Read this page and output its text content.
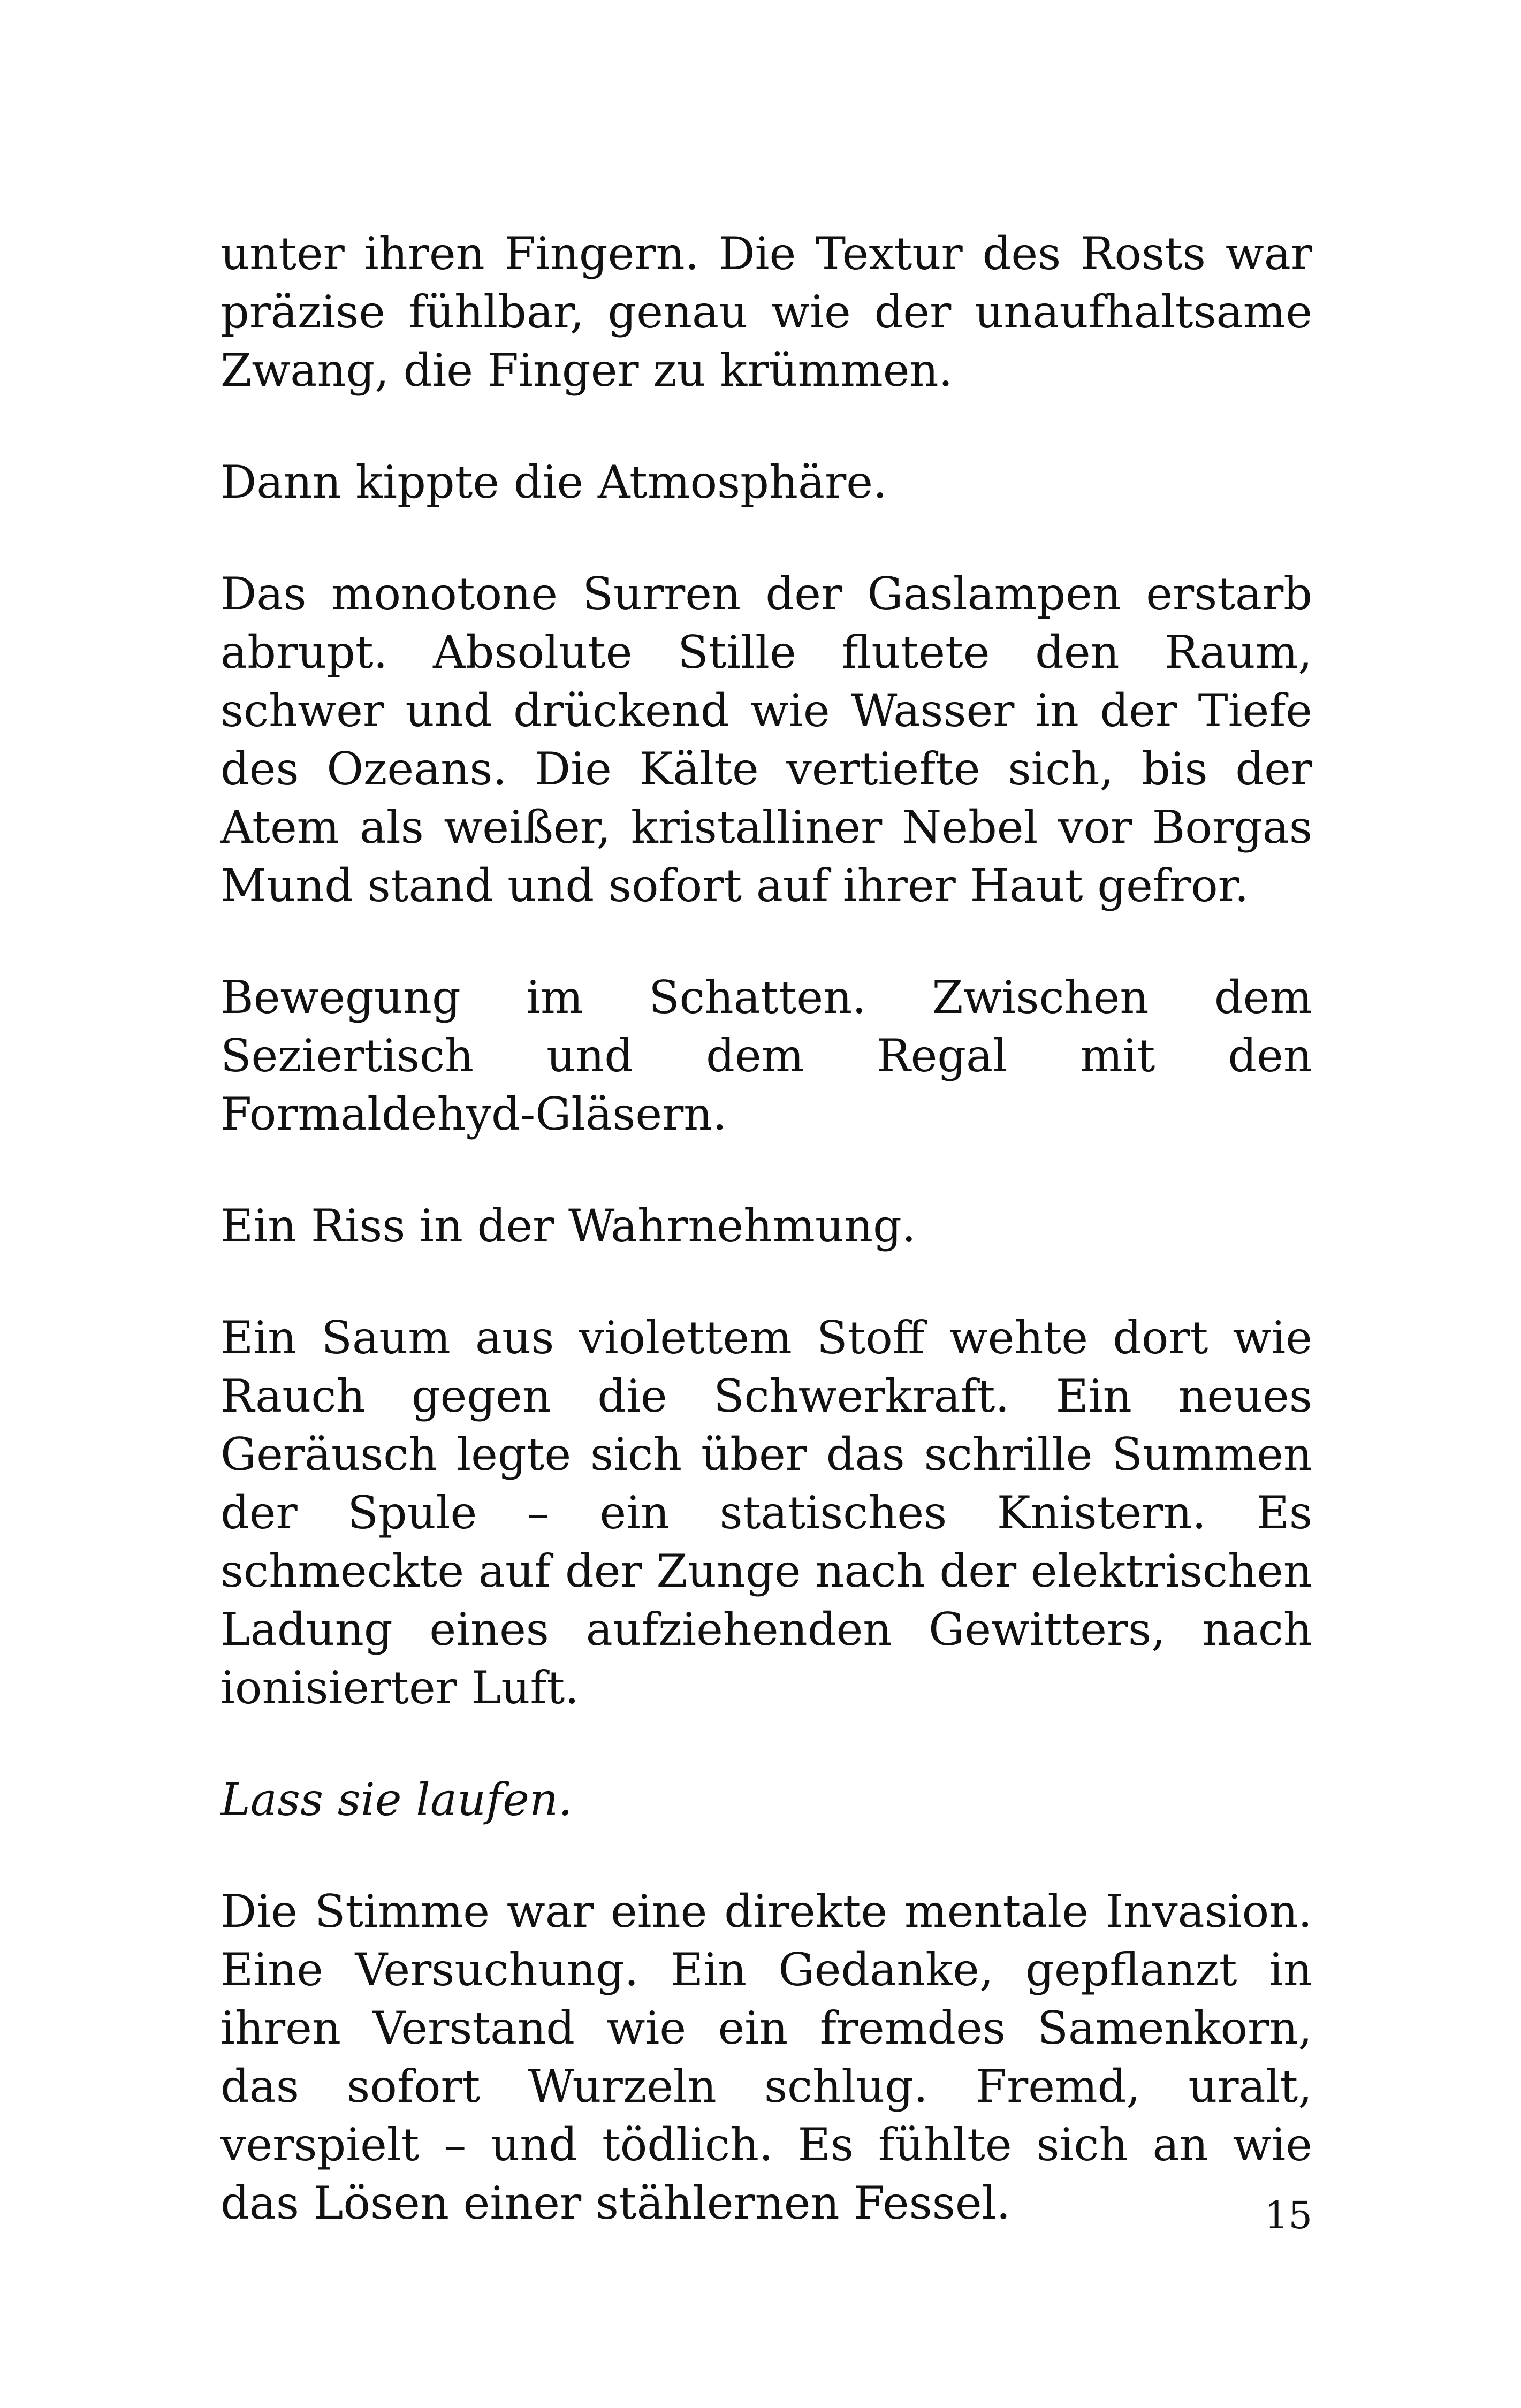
unter ihren Fingern. Die Textur des Rosts war präzise fühlbar, genau wie der unaufhaltsame Zwang, die Finger zu krümmen.

Dann kippte die Atmosphäre.

Das monotone Surren der Gaslampen erstarb abrupt. Absolute Stille flutete den Raum, schwer und drückend wie Wasser in der Tiefe des Ozeans. Die Kälte vertiefte sich, bis der Atem als weißer, kristalliner Nebel vor Borgas Mund stand und sofort auf ihrer Haut gefror.

Bewegung im Schatten. Zwischen dem Seziertisch und dem Regal mit den Formaldehyd-Gläsern.

Ein Riss in der Wahrnehmung.

Ein Saum aus violettem Stoff wehte dort wie Rauch gegen die Schwerkraft. Ein neues Geräusch legte sich über das schrille Summen der Spule – ein statisches Knistern. Es schmeckte auf der Zunge nach der elektrischen Ladung eines aufziehenden Gewitters, nach ionisierter Luft.

Lass sie laufen.

Die Stimme war eine direkte mentale Invasion. Eine Versuchung. Ein Gedanke, gepflanzt in ihren Verstand wie ein fremdes Samenkorn, das sofort Wurzeln schlug. Fremd, uralt, verspielt – und tödlich. Es fühlte sich an wie das Lösen einer stählernen Fessel.	15
